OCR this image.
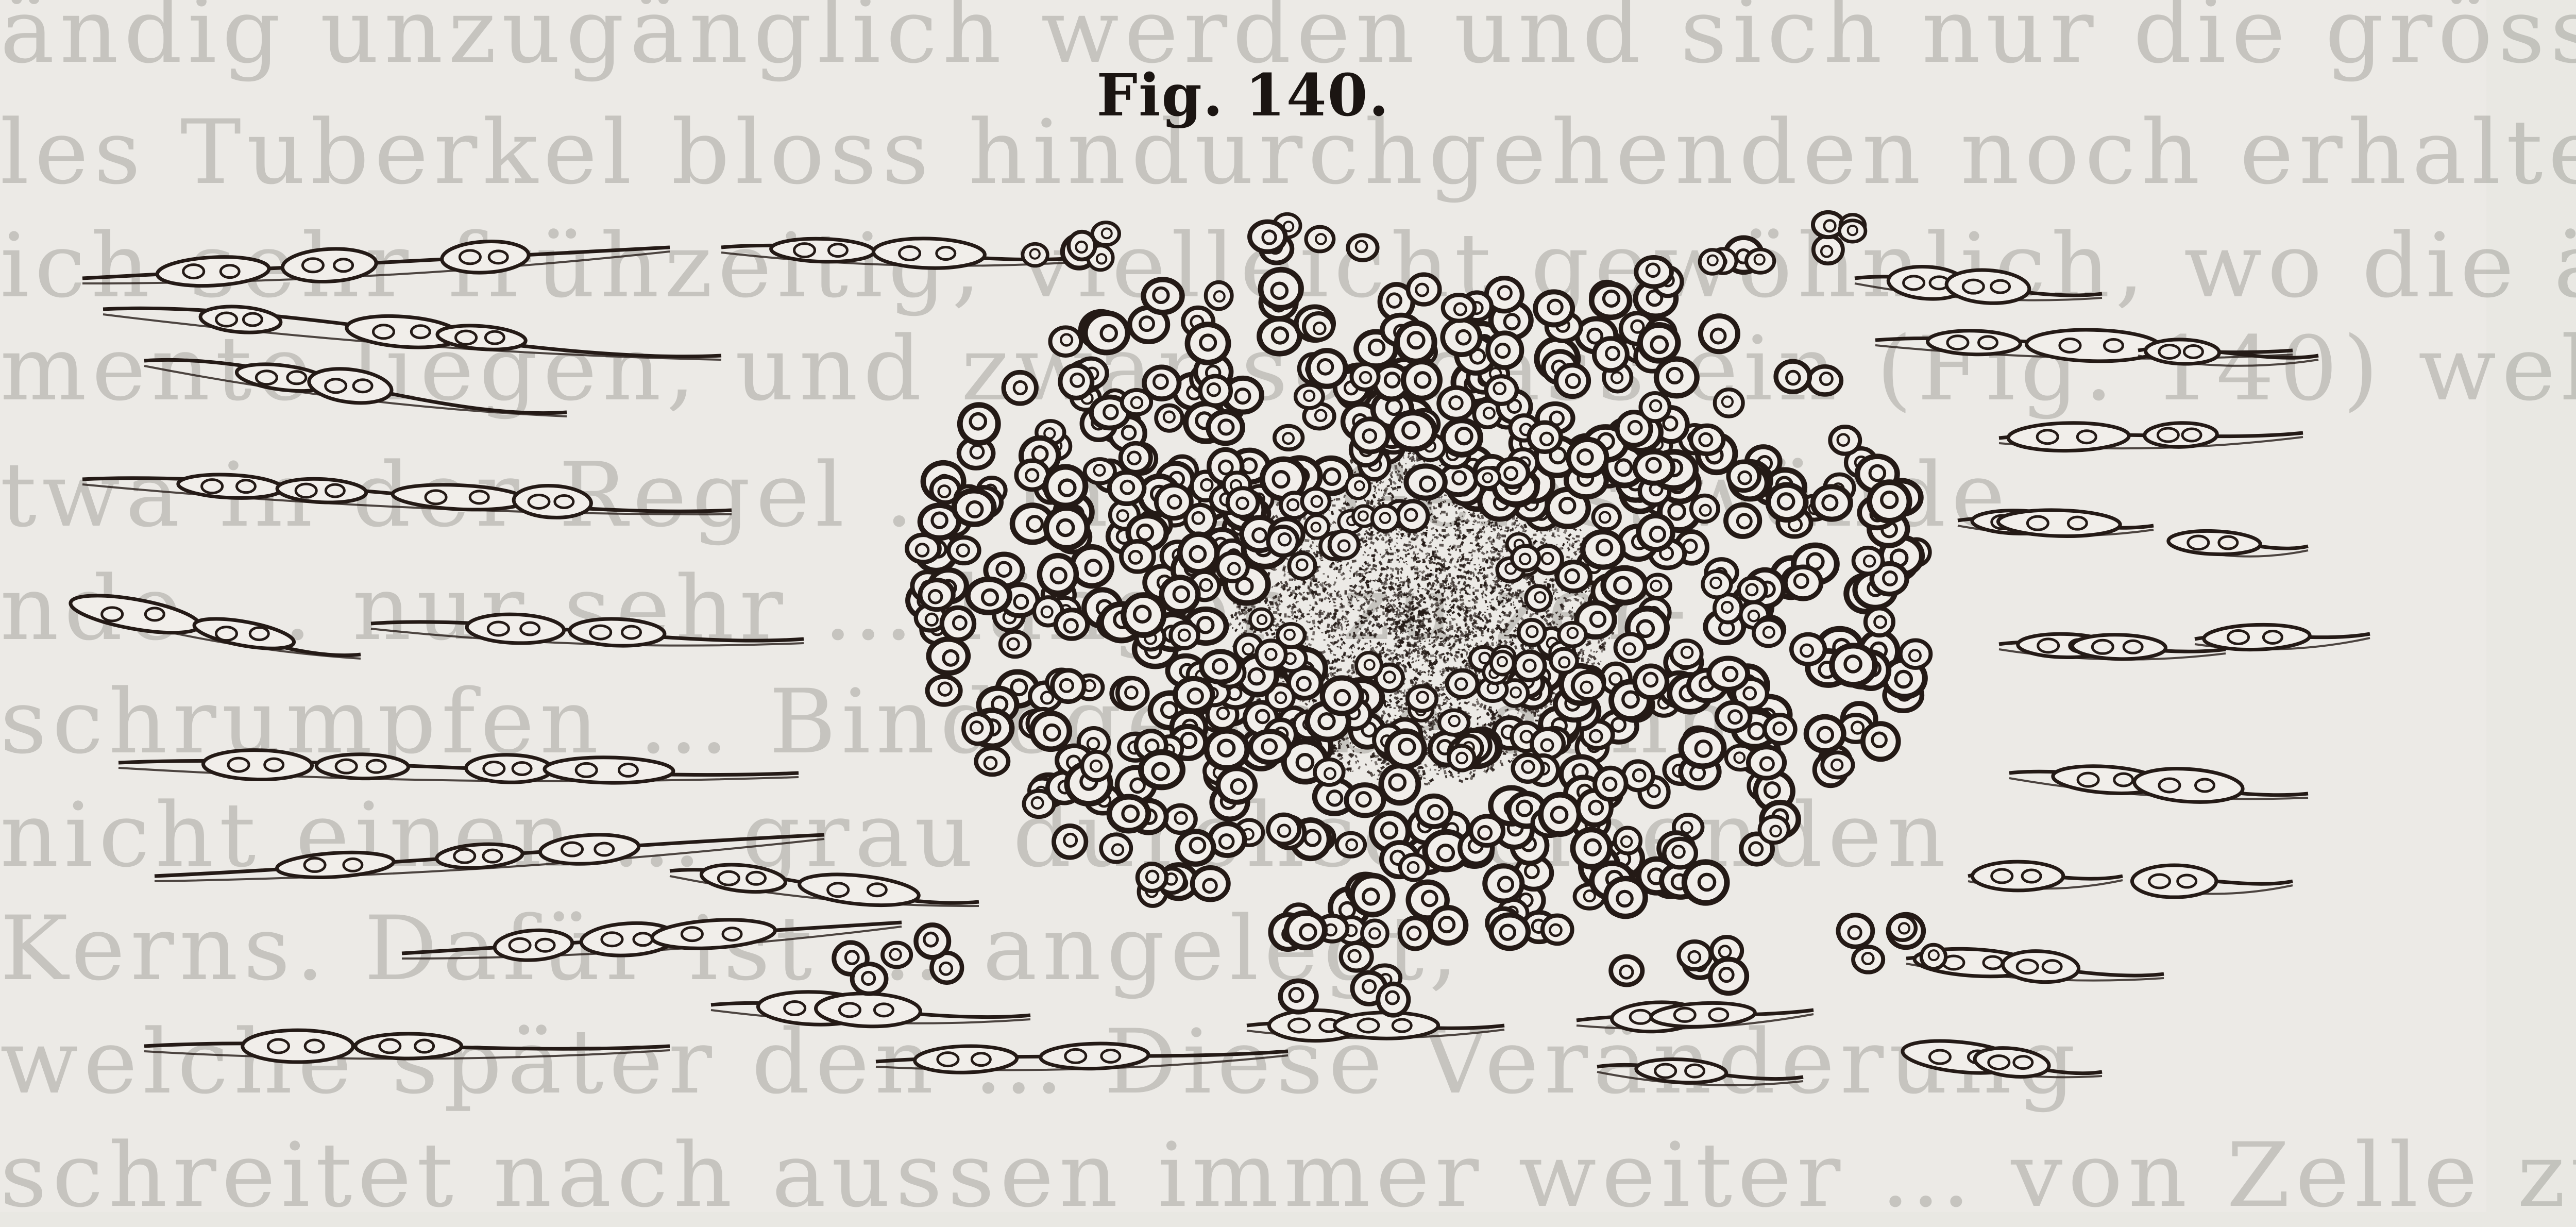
ändig unzugänglich werden und sich nur die gröss
les Tuberkel bloss hindurchgehenden noch erhalt
ich frühzeitig, vielleicht gewöhnlich, wo die
mente liegen, und zwar so, dass ein (Fig. 140) welche
twa in der Regel … in die Gefässwände
nde … nur sehr … länger, zu zer-
schrumpfen … Bindegewebe dann
nicht einen … grau durchscheinenden
Kerns. Dafür ist … angelegt,
welche später den … Diese Veränderung
schreitet nach aussen immer weiter … von Zelle z
Fig. 140.
